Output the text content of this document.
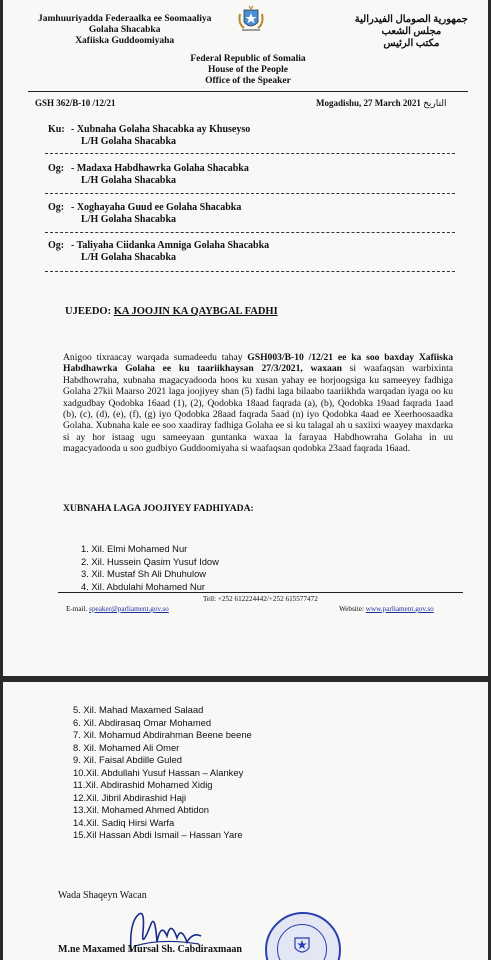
Jamhuuriyadda Federaalka ee Soomaaliya
Golaha Shacabka
Xafiiska Guddoomiyaha
Federal Republic of Somalia
House of the People
Office of the Speaker
جمهورية الصومال الفيدرالية
مجلس الشعب
مكتب الرئيس
GSH 362/B-10 /12/21	Mogadishu, 27 March 2021 التاريخ
Ku: - Xubnaha Golaha Shacabka ay Khuseyso
L/H Golaha Shacabka
Og: - Madaxa Habdhawrka Golaha Shacabka
L/H Golaha Shacabka
Og: - Xoghayaha Guud ee Golaha Shacabka
L/H Golaha Shacabka
Og: - Taliyaha Ciidanka Amniga Golaha Shacabka
L/H Golaha Shacabka
UJEEDO: KA JOOJIN KA QAYBGAL FADHI
Anigoo tixraacay warqada sumadeedu tahay GSH003/B-10 /12/21 ee ka soo baxday Xafiiska Habdhawrka Golaha ee ku taariikhaysan 27/3/2021, waxaan si waafaqsan warbixinta Habdhowraha, xubnaha magacyadooda hoos ku xusan yahay ee horjoogsiga ku sameeyey fadhiga Golaha 27kii Maarso 2021 laga joojiyey shan (5) fadhi laga bilaabo taariikhda warqadan iyaga oo ku xadgudbay Qodobka 16aad (1), (2), Qodobka 18aad faqrada (a), (b), Qodobka 19aad faqrada 1aad (b), (c), (d), (e), (f), (g) iyo Qodobka 28aad faqrada 5aad (n) iyo Qodobka 4aad ee Xeerhoosaadka Golaha. Xubnaha kale ee soo xaadiray fadhiga Golaha ee si ku talagal ah u saxiixi waayey maxdarka si ay hor istaag ugu sameeyaan guntanka waxaa la farayaa Habdhowraha Golaha in uu magacyadooda u soo gudbiyo Guddoomiyaha si waafaqsan qodobka 23aad faqrada 16aad.
XUBNAHA LAGA JOOJIYEY FADHIYADA:
1. Xil. Elmi Mohamed Nur
2. Xil. Hussein Qasim Yusuf Idow
3. Xil. Mustaf Sh Ali Dhuhulow
4. Xil. Abdulahi Mohamed Nur
Tell: +252 612224442/+252 615577472
E-mail. speaker@parliament.gov.so	Website: www.parliament.gov.so
5. Xil. Mahad Maxamed Salaad
6. Xil. Abdirasaq Omar Mohamed
7. Xil. Mohamud Abdirahman Beene beene
8. Xil. Mohamed Ali Omer
9. Xil. Faisal Abdille Guled
10.Xil. Abdullahi Yusuf Hassan – Alankey
11.Xil. Abdirashid Mohamed Xidig
12.Xil. Jibril Abdirashid Haji
13.Xil. Mohamed Ahmed Abtidon
14.Xil. Sadiq Hirsi Warfa
15.Xil Hassan Abdi Ismail – Hassan Yare
Wada Shaqeyn Wacan
M.ne Maxamed Mursal Sh. Cabdiraxmaan
